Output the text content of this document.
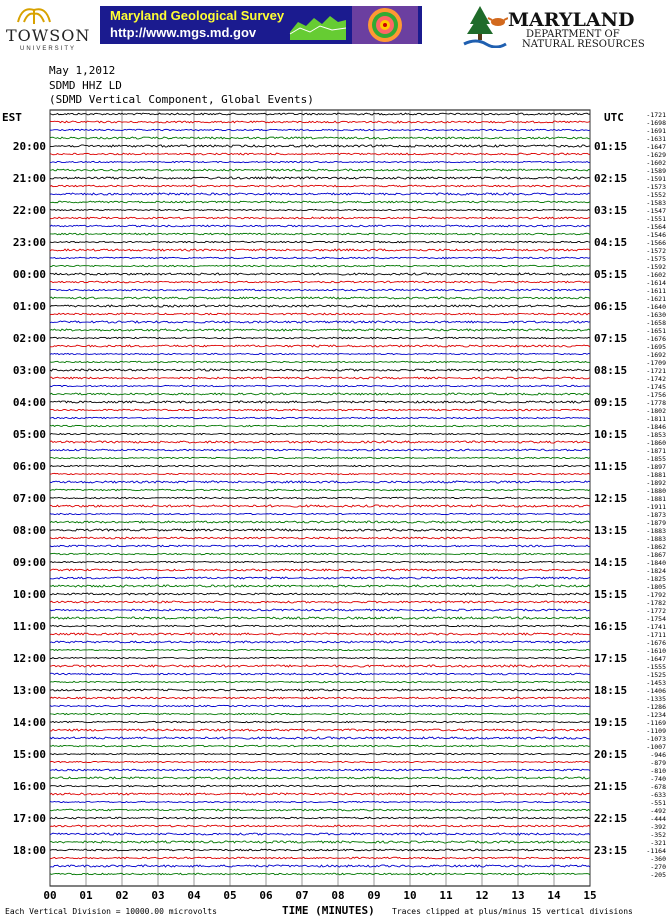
TOWSON
UNIVERSITY
Maryland Geological Survey
http://www.mgs.md.gov
MARYLAND
DEPARTMENT OF
NATURAL RESOURCES
May 1,2012
SDMD HHZ LD
(SDMD Vertical Component, Global Events)
EST	UTC
20:00
21:00
22:00
23:00
00:00
01:00
02:00
03:00
04:00
05:00
06:00
07:00
08:00
09:00
10:00
11:00
12:00
13:00
14:00
15:00
16:00
17:00
18:00
01:15
02:15
03:15
04:15
05:15
06:15
07:15
08:15
09:15
10:15
11:15
12:15
13:15
14:15
15:15
16:15
17:15
18:15
19:15
20:15
21:15
22:15
23:15
-1721
-1698
-1691
-1631
-1647
-1629
-1602
-1589
-1591
-1573
-1552
-1583
-1547
-1551
-1564
-1546
-1566
-1572
-1575
-1592
-1602
-1614
-1611
-1621
-1640
-1630
-1658
-1651
-1676
-1695
-1692
-1709
-1721
-1742
-1745
-1756
-1778
-1802
-1811
-1846
-1853
-1860
-1871
-1855
-1897
-1881
-1892
-1880
-1881
-1911
-1873
-1879
-1883
-1883
-1862
-1867
-1840
-1824
-1825
-1805
-1792
-1782
-1772
-1754
-1741
-1711
-1676
-1610
-1647
-1555
-1525
-1453
-1406
-1335
-1286
-1234
-1169
-1109
-1073
-1007
-946
-879
-810
-740
-678
-633
-551
-492
-444
-392
-352
-321
-1164
-360
-270
-205
00 01 02 03 04 05 06 07 08 09 10 11 12 13 14 15
Each Vertical Division = 10000.00 microvolts	TIME (MINUTES) Traces clipped at plus/minus 15 vertical divisions
